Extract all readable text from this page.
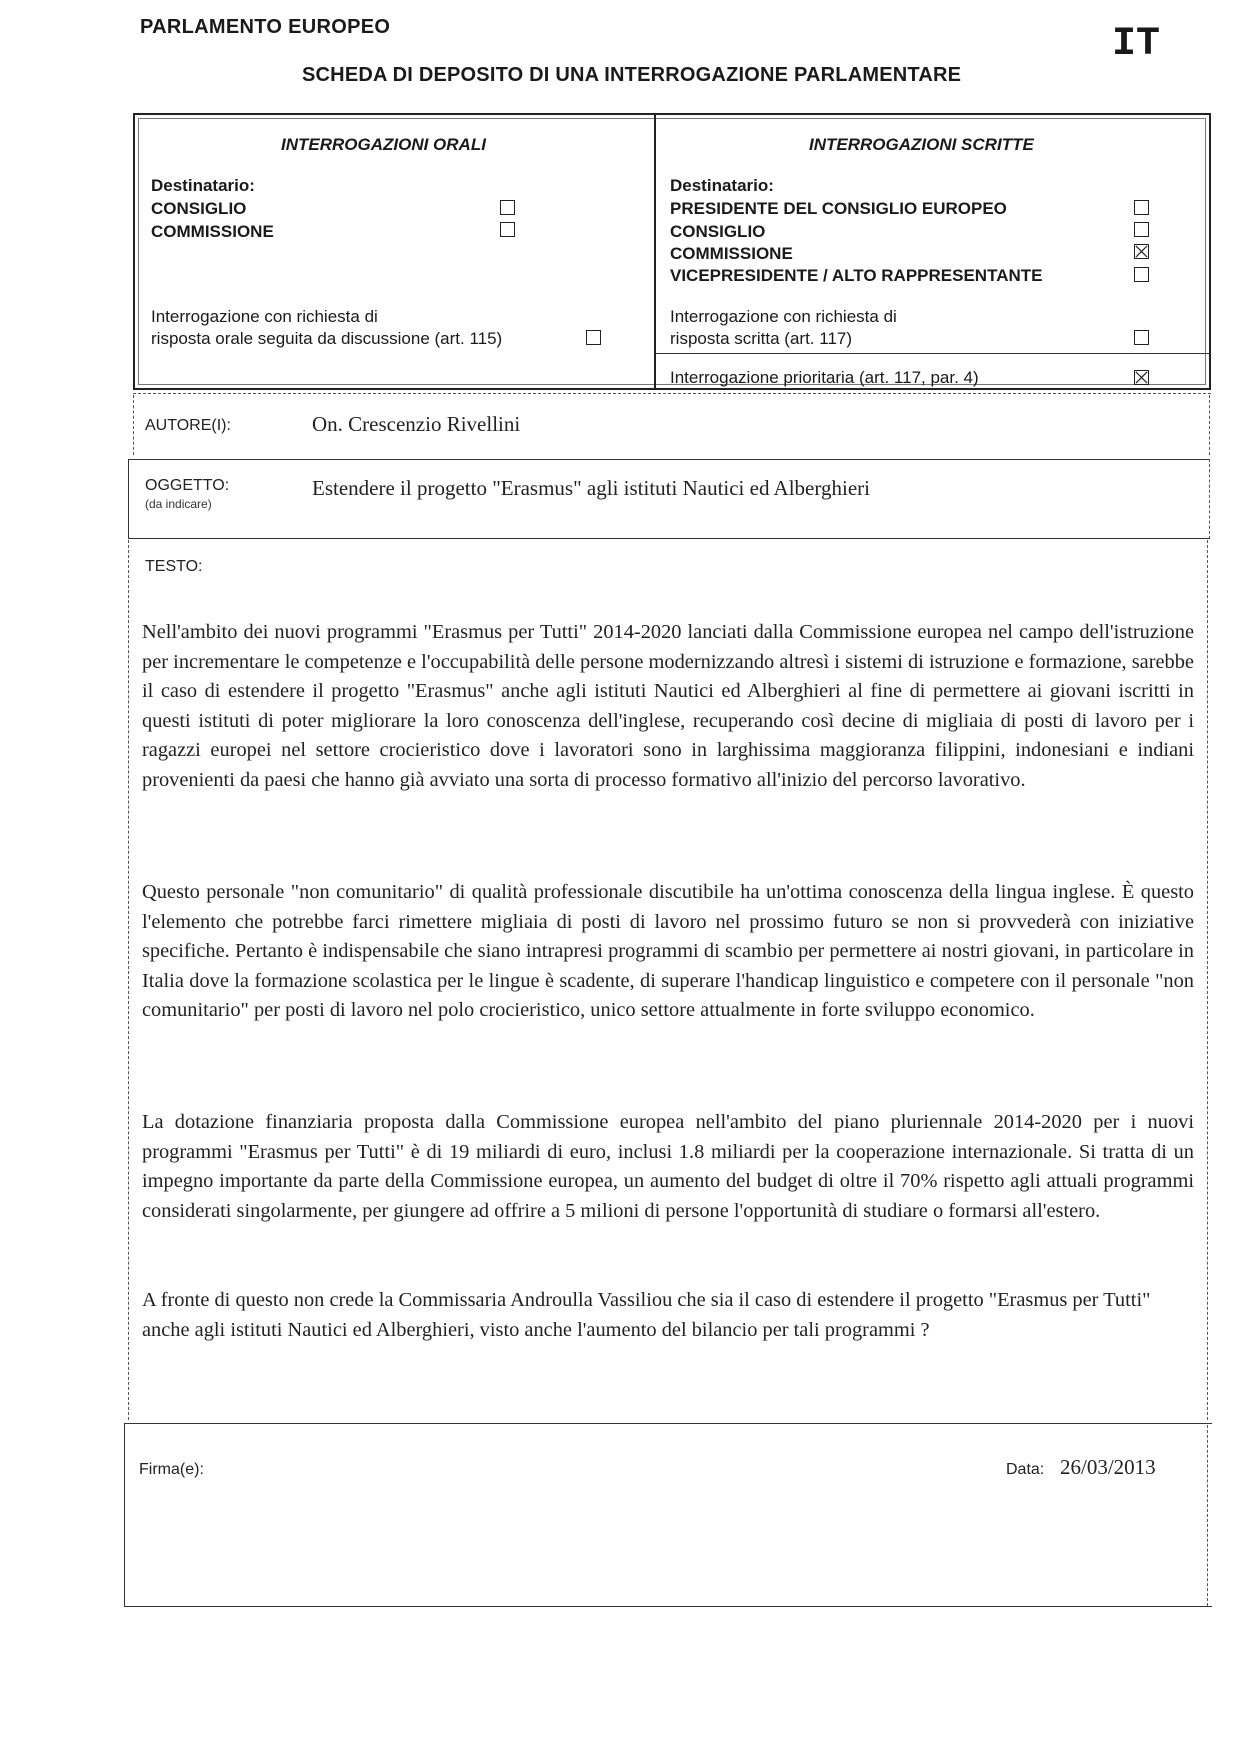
PARLAMENTO EUROPEO
SCHEDA DI DEPOSITO DI UNA INTERROGAZIONE PARLAMENTARE
IT
INTERROGAZIONI ORALI
Destinatario:
CONSIGLIO
COMMISSIONE
Interrogazione con richiesta di
risposta orale seguita da discussione (art. 115)
INTERROGAZIONI SCRITTE
Destinatario:
PRESIDENTE DEL CONSIGLIO EUROPEO
CONSIGLIO
COMMISSIONE
VICEPRESIDENTE / ALTO RAPPRESENTANTE
Interrogazione con richiesta di
risposta scritta (art. 117)
Interrogazione prioritaria (art. 117, par. 4)
AUTORE(I):	On. Crescenzio Rivellini
OGGETTO:
(da indicare)
Estendere il progetto "Erasmus" agli istituti Nautici ed Alberghieri
TESTO:
Nell'ambito dei nuovi programmi "Erasmus per Tutti" 2014-2020 lanciati dalla Commissione europea nel campo dell'istruzione per incrementare le competenze e l'occupabilità delle persone modernizzando altresì i sistemi di istruzione e formazione, sarebbe il caso di estendere il progetto "Erasmus" anche agli istituti Nautici ed Alberghieri al fine di permettere ai giovani iscritti in questi istituti di poter migliorare la loro conoscenza dell'inglese, recuperando così decine di migliaia di posti di lavoro per i ragazzi europei nel settore crocieristico dove i lavoratori sono in larghissima maggioranza filippini, indonesiani e indiani provenienti da paesi che hanno già avviato una sorta di processo formativo all'inizio del percorso lavorativo.
Questo personale "non comunitario" di qualità professionale discutibile ha un'ottima conoscenza della lingua inglese. È questo l'elemento che potrebbe farci rimettere migliaia di posti di lavoro nel prossimo futuro se non si provvederà con iniziative specifiche. Pertanto è indispensabile che siano intrapresi programmi di scambio per permettere ai nostri giovani, in particolare in Italia dove la formazione scolastica per le lingue è scadente, di superare l'handicap linguistico e competere con il personale "non comunitario" per posti di lavoro nel polo crocieristico, unico settore attualmente in forte sviluppo economico.
La dotazione finanziaria proposta dalla Commissione europea nell'ambito del piano pluriennale 2014-2020 per i nuovi programmi "Erasmus per Tutti" è di 19 miliardi di euro, inclusi 1.8 miliardi per la cooperazione internazionale. Si tratta di un impegno importante da parte della Commissione europea, un aumento del budget di oltre il 70% rispetto agli attuali programmi considerati singolarmente, per giungere ad offrire a 5 milioni di persone l'opportunità di studiare o formarsi all'estero.
A fronte di questo non crede la Commissaria Androulla Vassiliou che sia il caso di estendere il progetto "Erasmus per Tutti" anche agli istituti Nautici ed Alberghieri, visto anche l'aumento del bilancio per tali programmi ?
Firma(e):	Data: 26/03/2013
